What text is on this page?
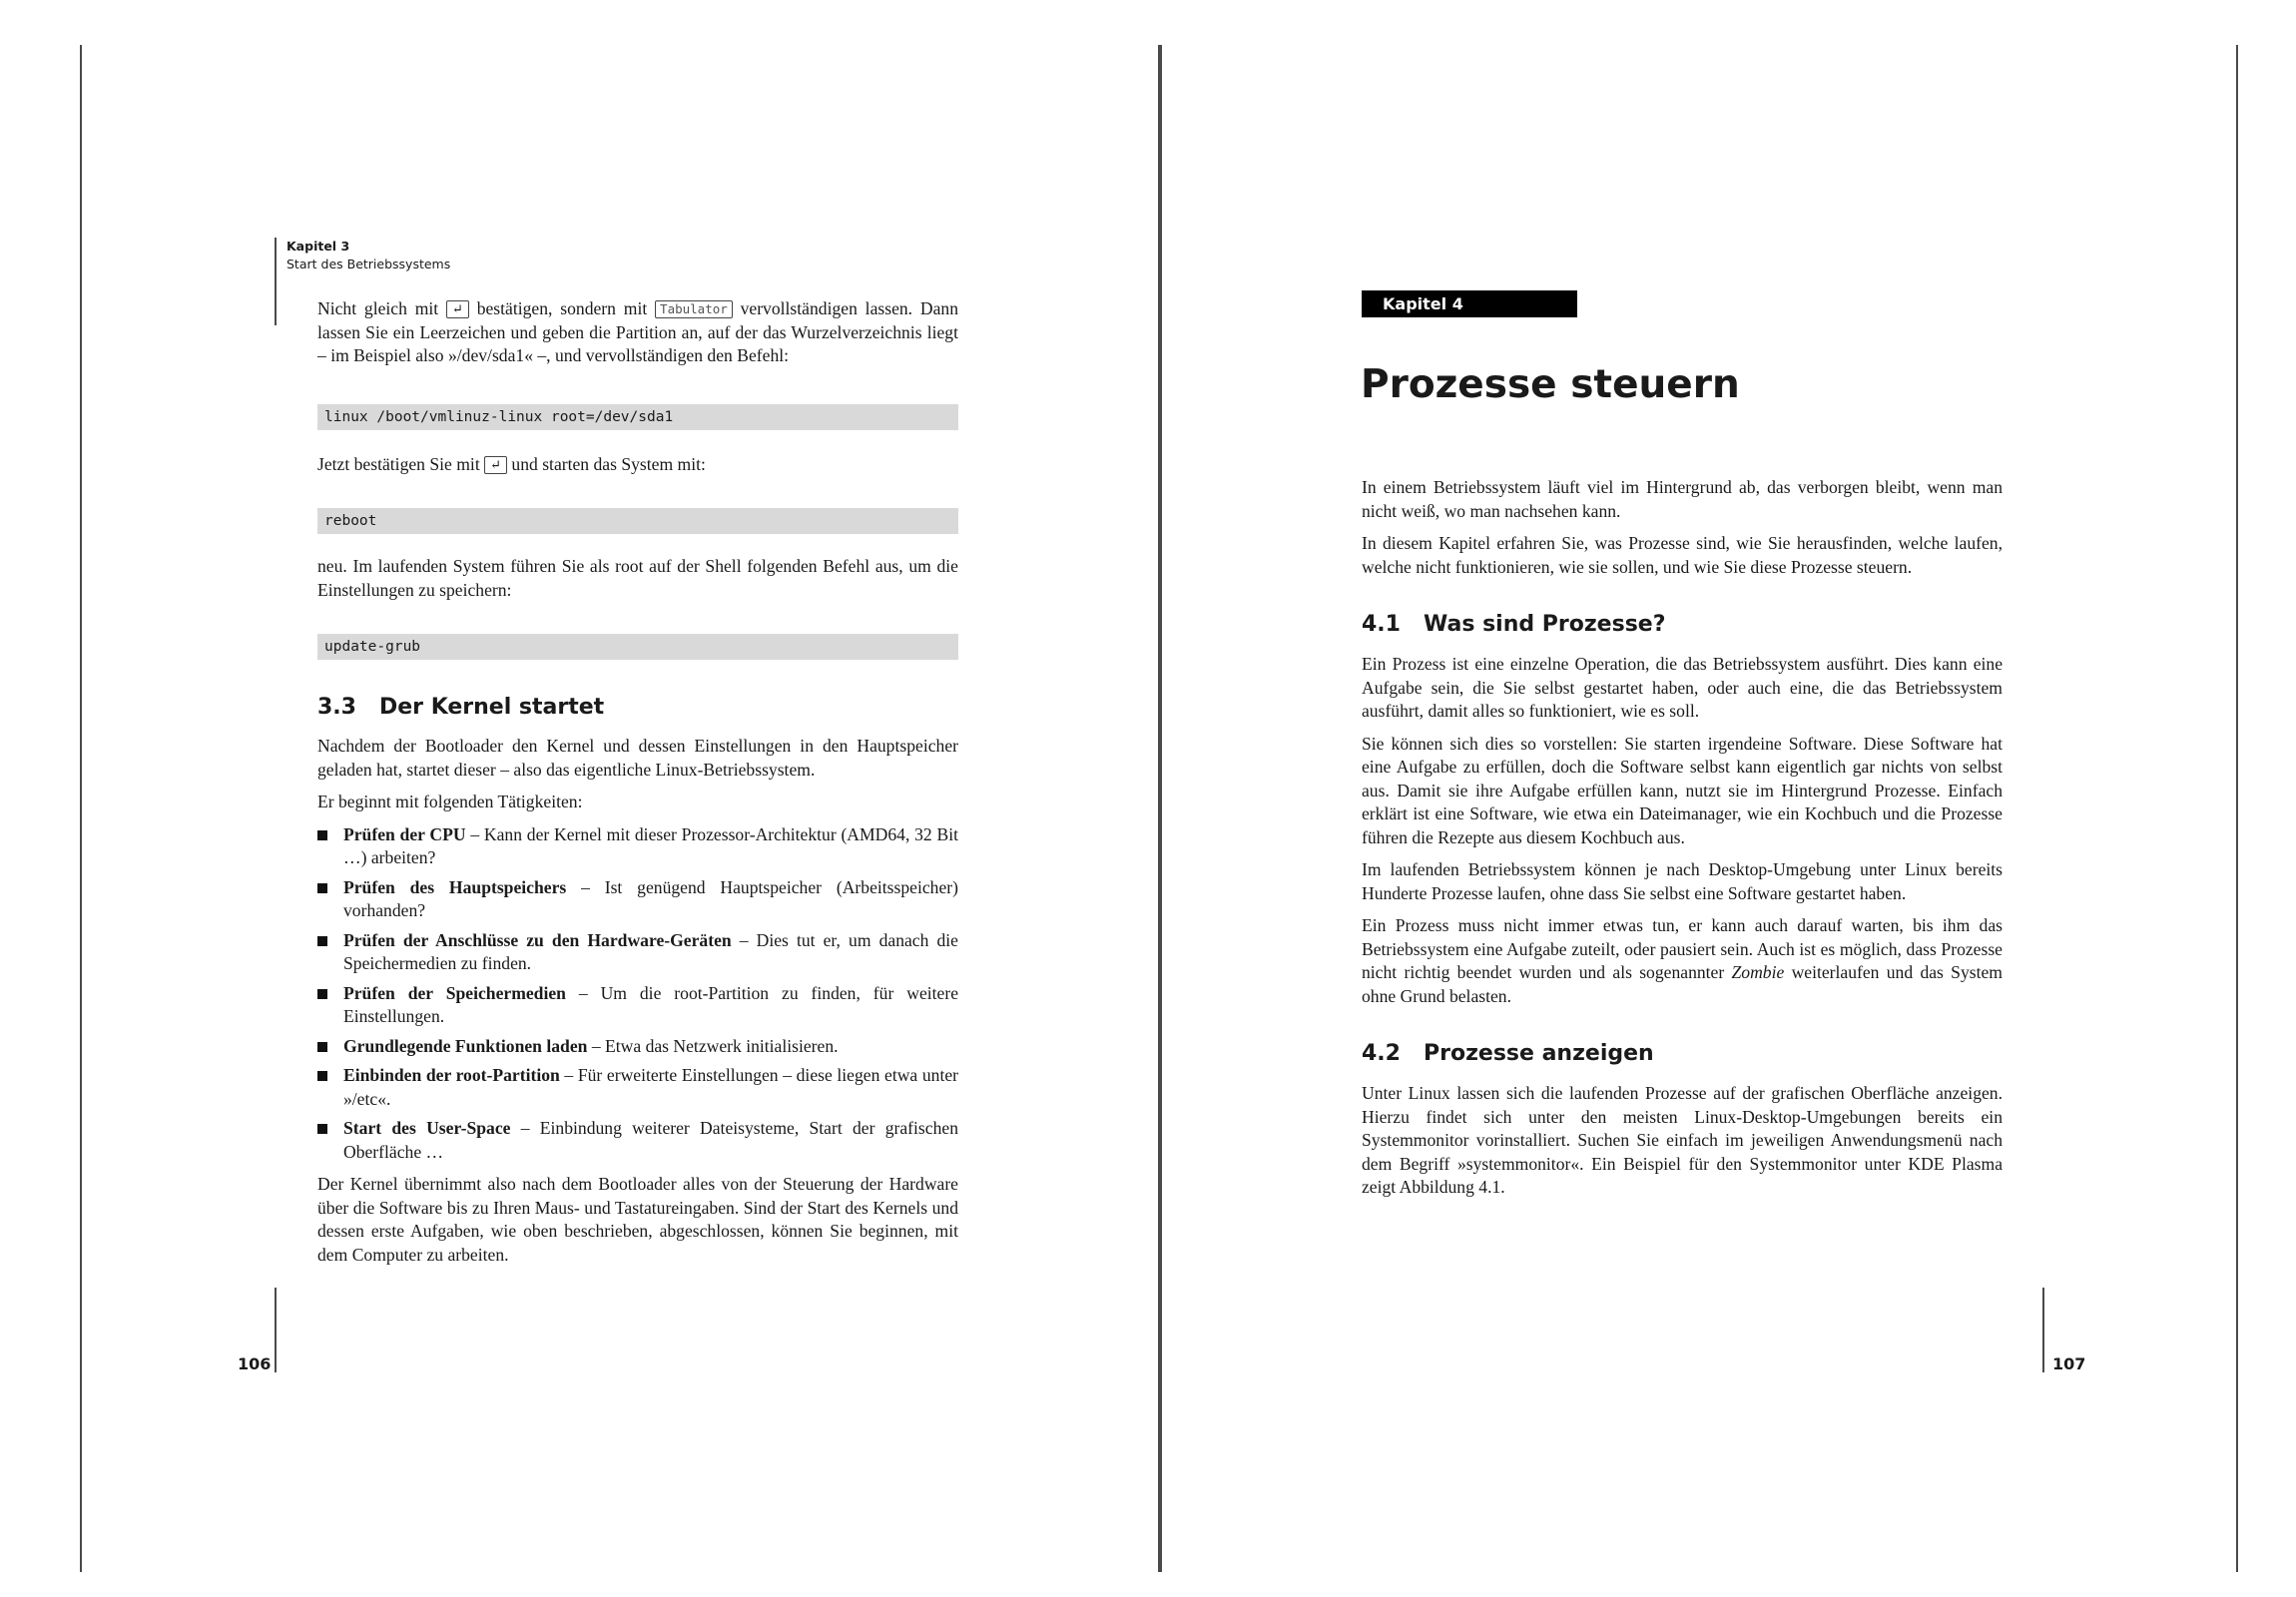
Kapitel 3
Start des Betriebssystems

Nicht gleich mit ↵ bestätigen, sondern mit Tabulator vervollständigen lassen. Dann lassen Sie ein Leerzeichen und geben die Partition an, auf der das Wurzelverzeichnis liegt – im Beispiel also »/dev/sda1« –, und vervollständigen den Befehl:

linux /boot/vmlinuz-linux root=/dev/sda1

Jetzt bestätigen Sie mit ↵ und starten das System mit:

reboot

neu. Im laufenden System führen Sie als root auf der Shell folgenden Befehl aus, um die Einstellungen zu speichern:

update-grub
3.3 Der Kernel startet

Nachdem der Bootloader den Kernel und dessen Einstellungen in den Hauptspeicher geladen hat, startet dieser – also das eigentliche Linux-Betriebssystem.

Er beginnt mit folgenden Tätigkeiten:

Prüfen der CPU – Kann der Kernel mit dieser Prozessor-Architektur (AMD64, 32 Bit …) arbeiten?
Prüfen des Hauptspeichers – Ist genügend Hauptspeicher (Arbeitsspeicher) vorhanden?
Prüfen der Anschlüsse zu den Hardware-Geräten – Dies tut er, um danach die Speichermedien zu finden.
Prüfen der Speichermedien – Um die root-Partition zu finden, für weitere Einstellungen.
Grundlegende Funktionen laden – Etwa das Netzwerk initialisieren.
Einbinden der root-Partition – Für erweiterte Einstellungen – diese liegen etwa unter »/etc«.
Start des User-Space – Einbindung weiterer Dateisysteme, Start der grafischen Oberfläche …

Der Kernel übernimmt also nach dem Bootloader alles von der Steuerung der Hardware über die Software bis zu Ihren Maus- und Tastatureingaben. Sind der Start des Kernels und dessen erste Aufgaben, wie oben beschrieben, abgeschlossen, können Sie beginnen, mit dem Computer zu arbeiten.

106
Kapitel 4
Prozesse steuern

In einem Betriebssystem läuft viel im Hintergrund ab, das verborgen bleibt, wenn man nicht weiß, wo man nachsehen kann.

In diesem Kapitel erfahren Sie, was Prozesse sind, wie Sie herausfinden, welche laufen, welche nicht funktionieren, wie sie sollen, und wie Sie diese Prozesse steuern.

4.1 Was sind Prozesse?

Ein Prozess ist eine einzelne Operation, die das Betriebssystem ausführt. Dies kann eine Aufgabe sein, die Sie selbst gestartet haben, oder auch eine, die das Betriebssystem ausführt, damit alles so funktioniert, wie es soll.

Sie können sich dies so vorstellen: Sie starten irgendeine Software. Diese Software hat eine Aufgabe zu erfüllen, doch die Software selbst kann eigentlich gar nichts von selbst aus. Damit sie ihre Aufgabe erfüllen kann, nutzt sie im Hintergrund Prozesse. Einfach erklärt ist eine Software, wie etwa ein Dateimanager, wie ein Kochbuch und die Prozesse führen die Rezepte aus diesem Kochbuch aus.

Im laufenden Betriebssystem können je nach Desktop-Umgebung unter Linux bereits Hunderte Prozesse laufen, ohne dass Sie selbst eine Software gestartet haben.

Ein Prozess muss nicht immer etwas tun, er kann auch darauf warten, bis ihm das Betriebssystem eine Aufgabe zuteilt, oder pausiert sein. Auch ist es möglich, dass Prozesse nicht richtig beendet wurden und als sogenannter Zombie weiterlaufen und das System ohne Grund belasten.

4.2 Prozesse anzeigen

Unter Linux lassen sich die laufenden Prozesse auf der grafischen Oberfläche anzeigen. Hierzu findet sich unter den meisten Linux-Desktop-Umgebungen bereits ein Systemmonitor vorinstalliert. Suchen Sie einfach im jeweiligen Anwendungsmenü nach dem Begriff »systemmonitor«. Ein Beispiel für den Systemmonitor unter KDE Plasma zeigt Abbildung 4.1.

107
